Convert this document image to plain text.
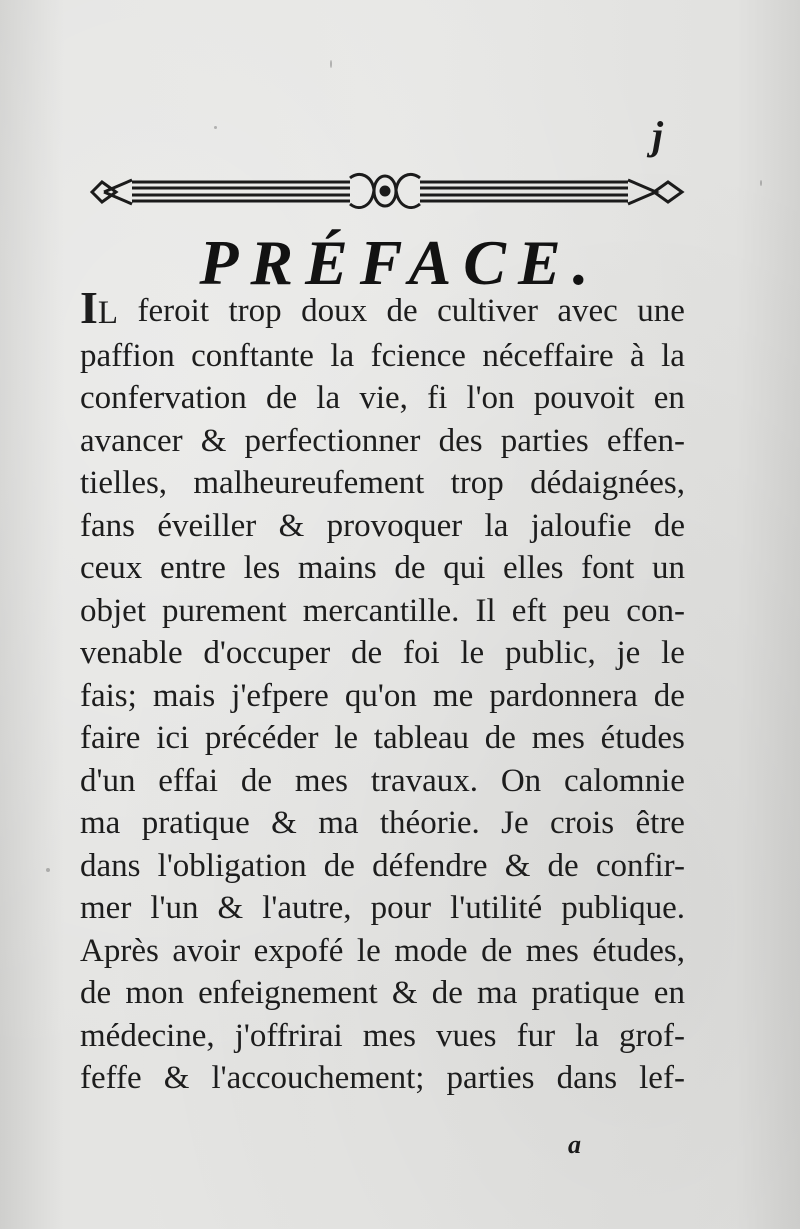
j
PRÉFACE.
IL feroit trop doux de cultiver avec une
paffion conftante la fcience néceffaire à la
confervation de la vie, fi l'on pouvoit en
avancer & perfectionner des parties effen-
tielles, malheureufement trop dédaignées,
fans éveiller & provoquer la jaloufie de
ceux entre les mains de qui elles font un
objet purement mercantille. Il eft peu con-
venable d'occuper de foi le public, je le
fais; mais j'efpere qu'on me pardonnera de
faire ici précéder le tableau de mes études
d'un effai de mes travaux. On calomnie
ma pratique & ma théorie. Je crois être
dans l'obligation de défendre & de confir-
mer l'un & l'autre, pour l'utilité publique.
Après avoir expofé le mode de mes études,
de mon enfeignement & de ma pratique en
médecine, j'offrirai mes vues fur la grof-
feffe & l'accouchement; parties dans lef-
a
